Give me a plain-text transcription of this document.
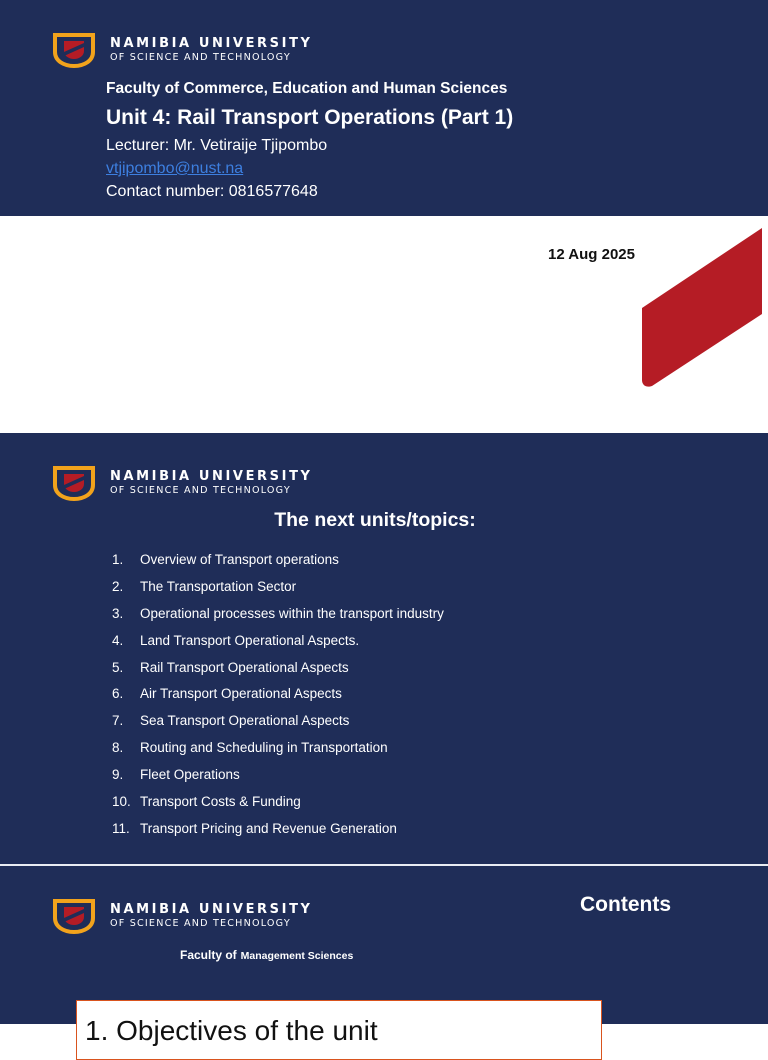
NAMIBIA UNIVERSITY
OF SCIENCE AND TECHNOLOGY
Faculty of Commerce, Education and Human Sciences
Unit 4: Rail Transport Operations (Part 1)
Lecturer: Mr. Vetiraije Tjipombo
vtjipombo@nust.na
Contact number: 0816577648
12 Aug 2025
NAMIBIA UNIVERSITY
OF SCIENCE AND TECHNOLOGY
The next units/topics:
1.	Overview of Transport operations
2.	The Transportation Sector
3.	Operational processes within the transport industry
4.	Land Transport Operational Aspects.
5.	Rail Transport Operational Aspects
6.	Air Transport Operational Aspects
7.	Sea Transport Operational Aspects
8.	Routing and Scheduling in Transportation
9.	Fleet Operations
10. Transport Costs & Funding
11. Transport Pricing and Revenue Generation
NAMIBIA UNIVERSITY
OF SCIENCE AND TECHNOLOGY
Contents
Faculty of Management Sciences
1. Objectives of the unit
